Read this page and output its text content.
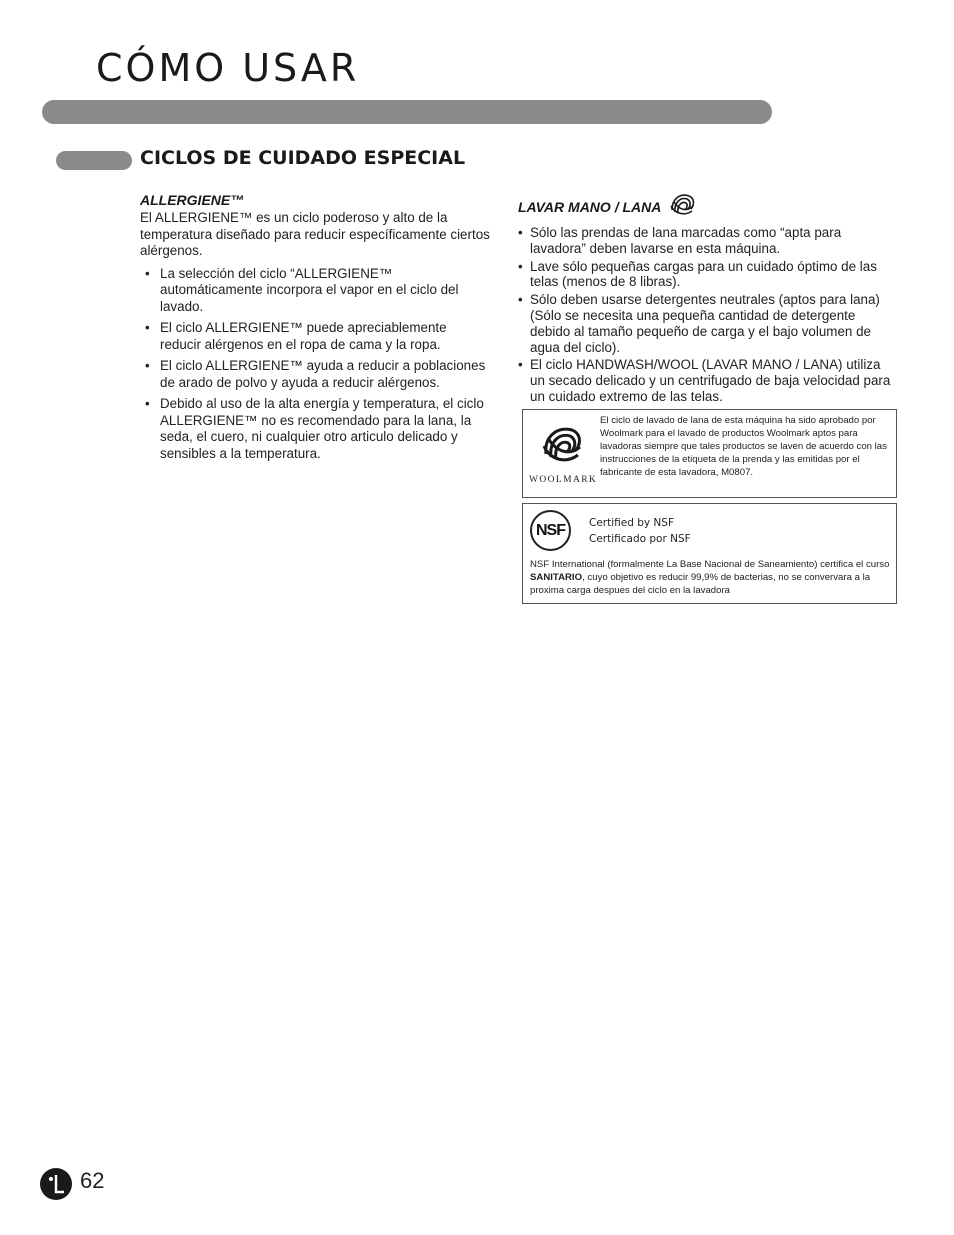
CÓMO USAR
CICLOS DE CUIDADO ESPECIAL
ALLERGIENE™

El ALLERGIENE™ es un ciclo poderoso y alto de la temperatura diseñado para reducir específicamente ciertos alérgenos.

• La selección del ciclo “ALLERGIENE™ automáticamente incorpora el vapor en el ciclo del lavado.
• El ciclo ALLERGIENE™ puede apreciablemente reducir alérgenos en el ropa de cama y la ropa.
• El ciclo ALLERGIENE™ ayuda a reducir a poblaciones de arado de polvo y ayuda a reducir alérgenos.
• Debido al uso de la alta energía y temperatura, el ciclo
ALLERGIENE™ no es recomendado para la lana, la seda, el cuero, ni cualquier otro articulo delicado y sensibles a la temperatura.
LAVAR MANO / LANA
• Sólo las prendas de lana marcadas como “apta para lavadora” deben lavarse en esta máquina.
• Lave sólo pequeñas cargas para un cuidado óptimo de las telas (menos de 8 libras).
• Sólo deben usarse detergentes neutrales (aptos para lana) (Sólo se necesita una pequeña cantidad de detergente debido al tamaño pequeño de carga y el bajo volumen de agua del ciclo).
• El ciclo HANDWASH/WOOL (LAVAR MANO / LANA) utiliza un secado delicado y un centrifugado de baja velocidad para un cuidado extremo de las telas.
WOOLMARK

El ciclo de lavado de lana de esta máquina ha sido aprobado por Woolmark para el lavado de productos Woolmark aptos para lavadoras siempre que tales productos se laven de acuerdo con las instrucciones de la etiqueta de la prenda y las emitidas por el fabricante de esta lavadora, M0807.

NSF	Certified by NSF
Certificado por NSF

NSF International (formalmente La Base Nacional de Saneamiento) certifica el curso SANITARIO, cuyo objetivo es reducir 99,9% de bacterias, no se convervara a la proxima carga despues del ciclo en la lavadora

62
